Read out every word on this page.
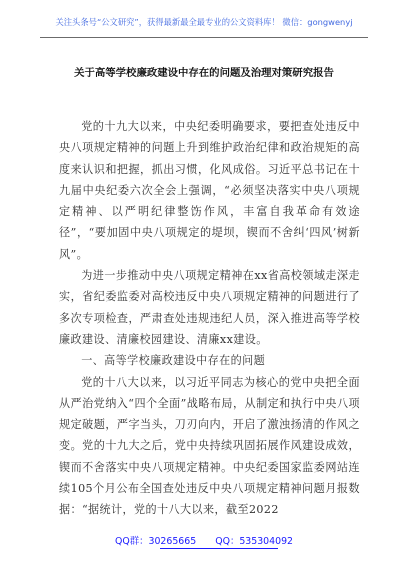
关注头条号“公文研究”，获得最新最全最专业的公文资料库！ 微信：gongwenyj
关于高等学校廉政建设中存在的问题及治理对策研究报告

党的十九大以来，中央纪委明确要求，要把查处违反中央八项规定精神的问题上升到维护政治纪律和政治规矩的高度来认识和把握，抓出习惯，化风成俗。习近平总书记在十九届中央纪委六次全会上强调，“必须坚决落实中央八项规定精神、以严明纪律整饬作风，丰富自我革命有效途径”，“要加固中央八项规定的堤坝，锲而不舍纠‘四风’树新风”。

为进一步推动中央八项规定精神在xx省高校领域走深走实，省纪委监委对高校违反中央八项规定精神的问题进行了多次专项检查，严肃查处违规违纪人员，深入推进高等学校廉政建设、清廉校园建设、清廉xx建设。

一、高等学校廉政建设中存在的问题

党的十八大以来，以习近平同志为核心的党中央把全面从严治党纳入“四个全面”战略布局，从制定和执行中央八项规定破题，严字当头，刀刃向内，开启了激浊扬清的作风之变。党的十九大之后，党中央持续巩固拓展作风建设成效，锲而不舍落实中央八项规定精神。中央纪委国家监委网站连续105个月公布全国查处违反中央八项规定精神问题月报数据：“据统计，党的十八大以来，截至2022

QQ群：30265665 QQ：535304092
